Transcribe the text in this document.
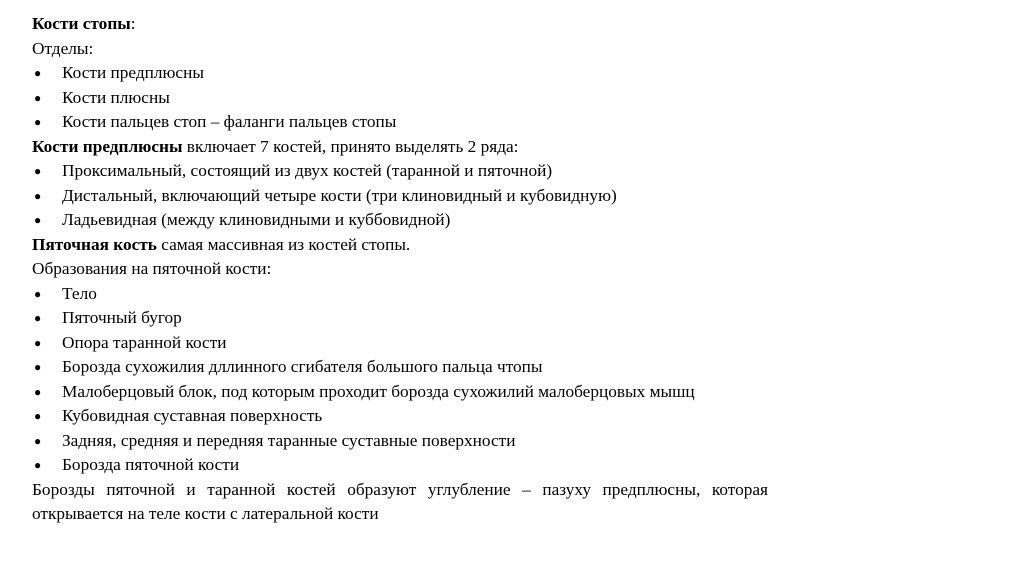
Кости стопы:

Отделы:

● Кости предплюсны
● Кости плюсны
● Кости пальцев стоп – фаланги пальцев стопы

Кости предплюсны включает 7 костей, принято выделять 2 ряда:

● Проксимальный, состоящий из двух костей (таранной и пяточной)
● Дистальный, включающий четыре кости (три клиновидный и кубовидную)
● Ладьевидная (между клиновидными и куббовидной)

Пяточная кость самая массивная из костей стопы.

Образования на пяточной кости:

● Тело
● Пяточный бугор
● Опора таранной кости
● Борозда сухожилия дллинного сгибателя большого пальца чтопы
● Малоберцовый блок, под которым проходит борозда сухожилий малоберцовых мышц
● Кубовидная суставная поверхность
● Задняя, средняя и передняя таранные суставные поверхности
● Борозда пяточной кости

Борозды пяточной и таранной костей образуют углубление – пазуху предплюсны, которая открывается на теле кости с латеральной кости
